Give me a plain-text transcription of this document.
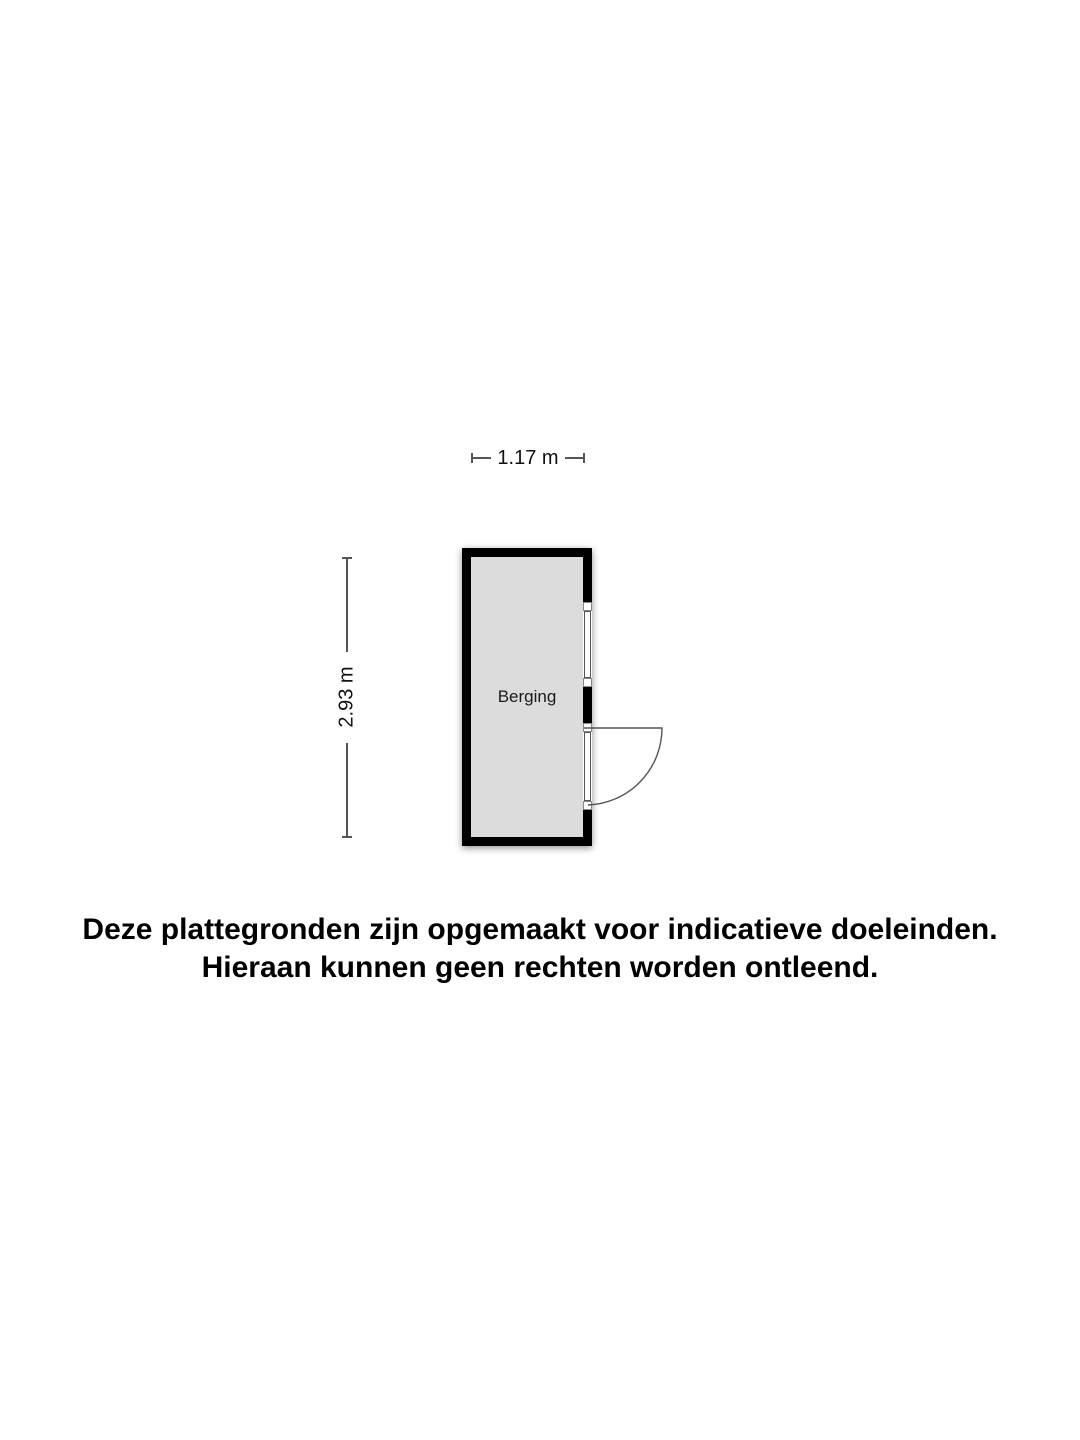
1.17 m
2.93 m	Berging
Deze plattegronden zijn opgemaakt voor indicatieve doeleinden.
Hieraan kunnen geen rechten worden ontleend.
